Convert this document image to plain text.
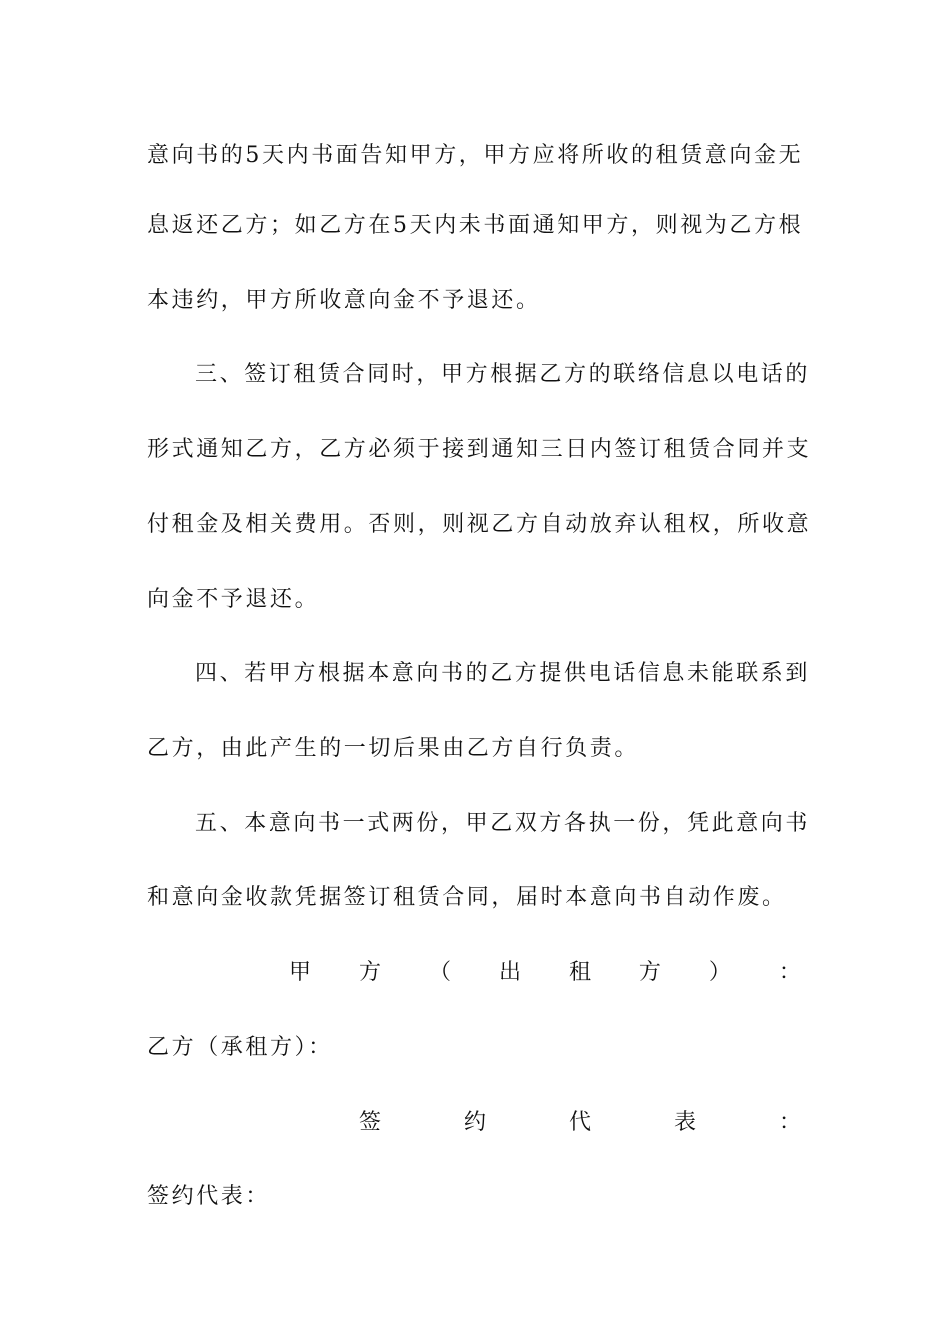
意向书的5天内书面告知甲方，甲方应将所收的租赁意向金无
息返还乙方；如乙方在5天内未书面通知甲方，则视为乙方根
本违约，甲方所收意向金不予退还。
三、签订租赁合同时，甲方根据乙方的联络信息以电话的
形式通知乙方，乙方必须于接到通知三日内签订租赁合同并支
付租金及相关费用。否则，则视乙方自动放弃认租权，所收意
向金不予退还。
四、若甲方根据本意向书的乙方提供电话信息未能联系到
乙方，由此产生的一切后果由乙方自行负责。
五、本意向书一式两份，甲乙双方各执一份，凭此意向书
和意向金收款凭据签订租赁合同，届时本意向书自动作废。
甲 方 （ 出 租 方 ） ：
乙方（承租方）：
签	约	代	表	：
签约代表：
